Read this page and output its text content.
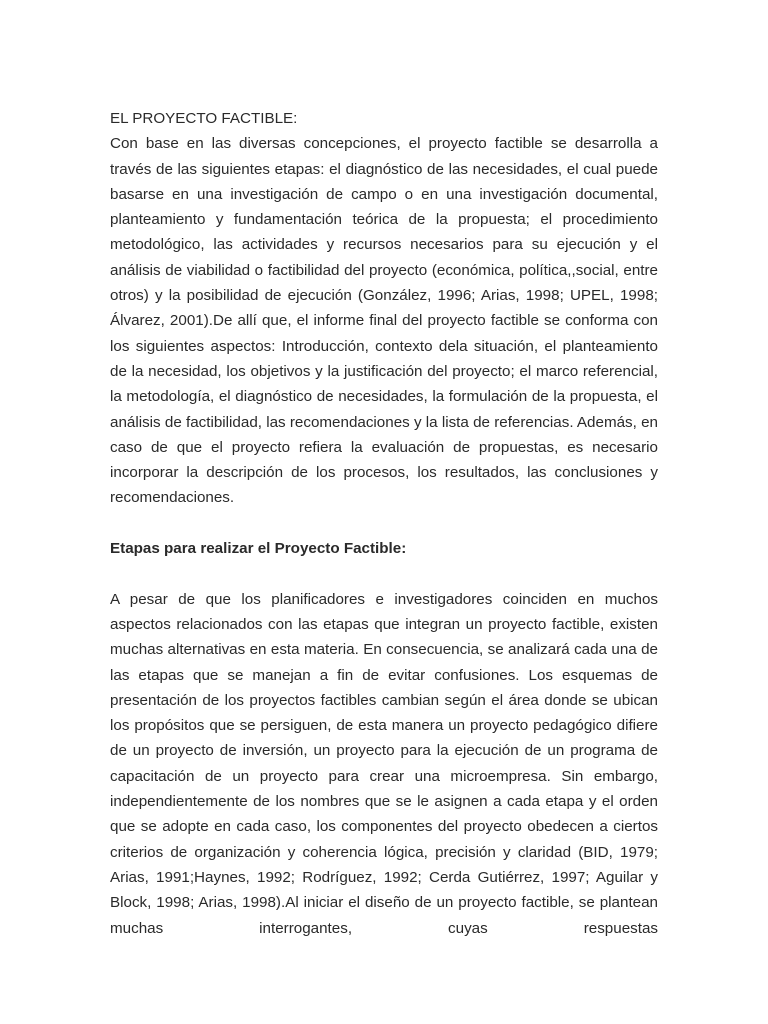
EL PROYECTO FACTIBLE:

Con base en las diversas concepciones, el proyecto factible se desarrolla a través de las siguientes etapas: el diagnóstico de las necesidades, el cual puede basarse en una investigación de campo o en una investigación documental, planteamiento y fundamentación teórica de la propuesta; el procedimiento metodológico, las actividades y recursos necesarios para su ejecución y el análisis de viabilidad o factibilidad del proyecto (económica, política,,social, entre otros) y la posibilidad de ejecución (González, 1996; Arias, 1998; UPEL, 1998; Álvarez, 2001).De allí que, el informe final del proyecto factible se conforma con los siguientes aspectos: Introducción, contexto dela situación, el planteamiento de la necesidad, los objetivos y la justificación del proyecto; el marco referencial, la metodología, el diagnóstico de necesidades, la formulación de la propuesta, el análisis de factibilidad, las recomendaciones y la lista de referencias. Además, en caso de que el proyecto refiera la evaluación de propuestas, es necesario incorporar la descripción de los procesos, los resultados, las conclusiones y recomendaciones.

Etapas para realizar el Proyecto Factible:

A pesar de que los planificadores e investigadores coinciden en muchos aspectos relacionados con las etapas que integran un proyecto factible, existen muchas alternativas en esta materia. En consecuencia, se analizará cada una de las etapas que se manejan a fin de evitar confusiones. Los esquemas de presentación de los proyectos factibles cambian según el área donde se ubican los propósitos que se persiguen, de esta manera un proyecto pedagógico difiere de un proyecto de inversión, un proyecto para la ejecución de un programa de capacitación de un proyecto para crear una microempresa. Sin embargo, independientemente de los nombres que se le asignen a cada etapa y el orden que se adopte en cada caso, los componentes del proyecto obedecen a ciertos criterios de organización y coherencia lógica, precisión y claridad (BID, 1979; Arias, 1991;Haynes, 1992; Rodríguez, 1992; Cerda Gutiérrez, 1997; Aguilar y Block, 1998; Arias, 1998).Al iniciar el diseño de un proyecto factible, se plantean muchas interrogantes, cuyas respuestas
